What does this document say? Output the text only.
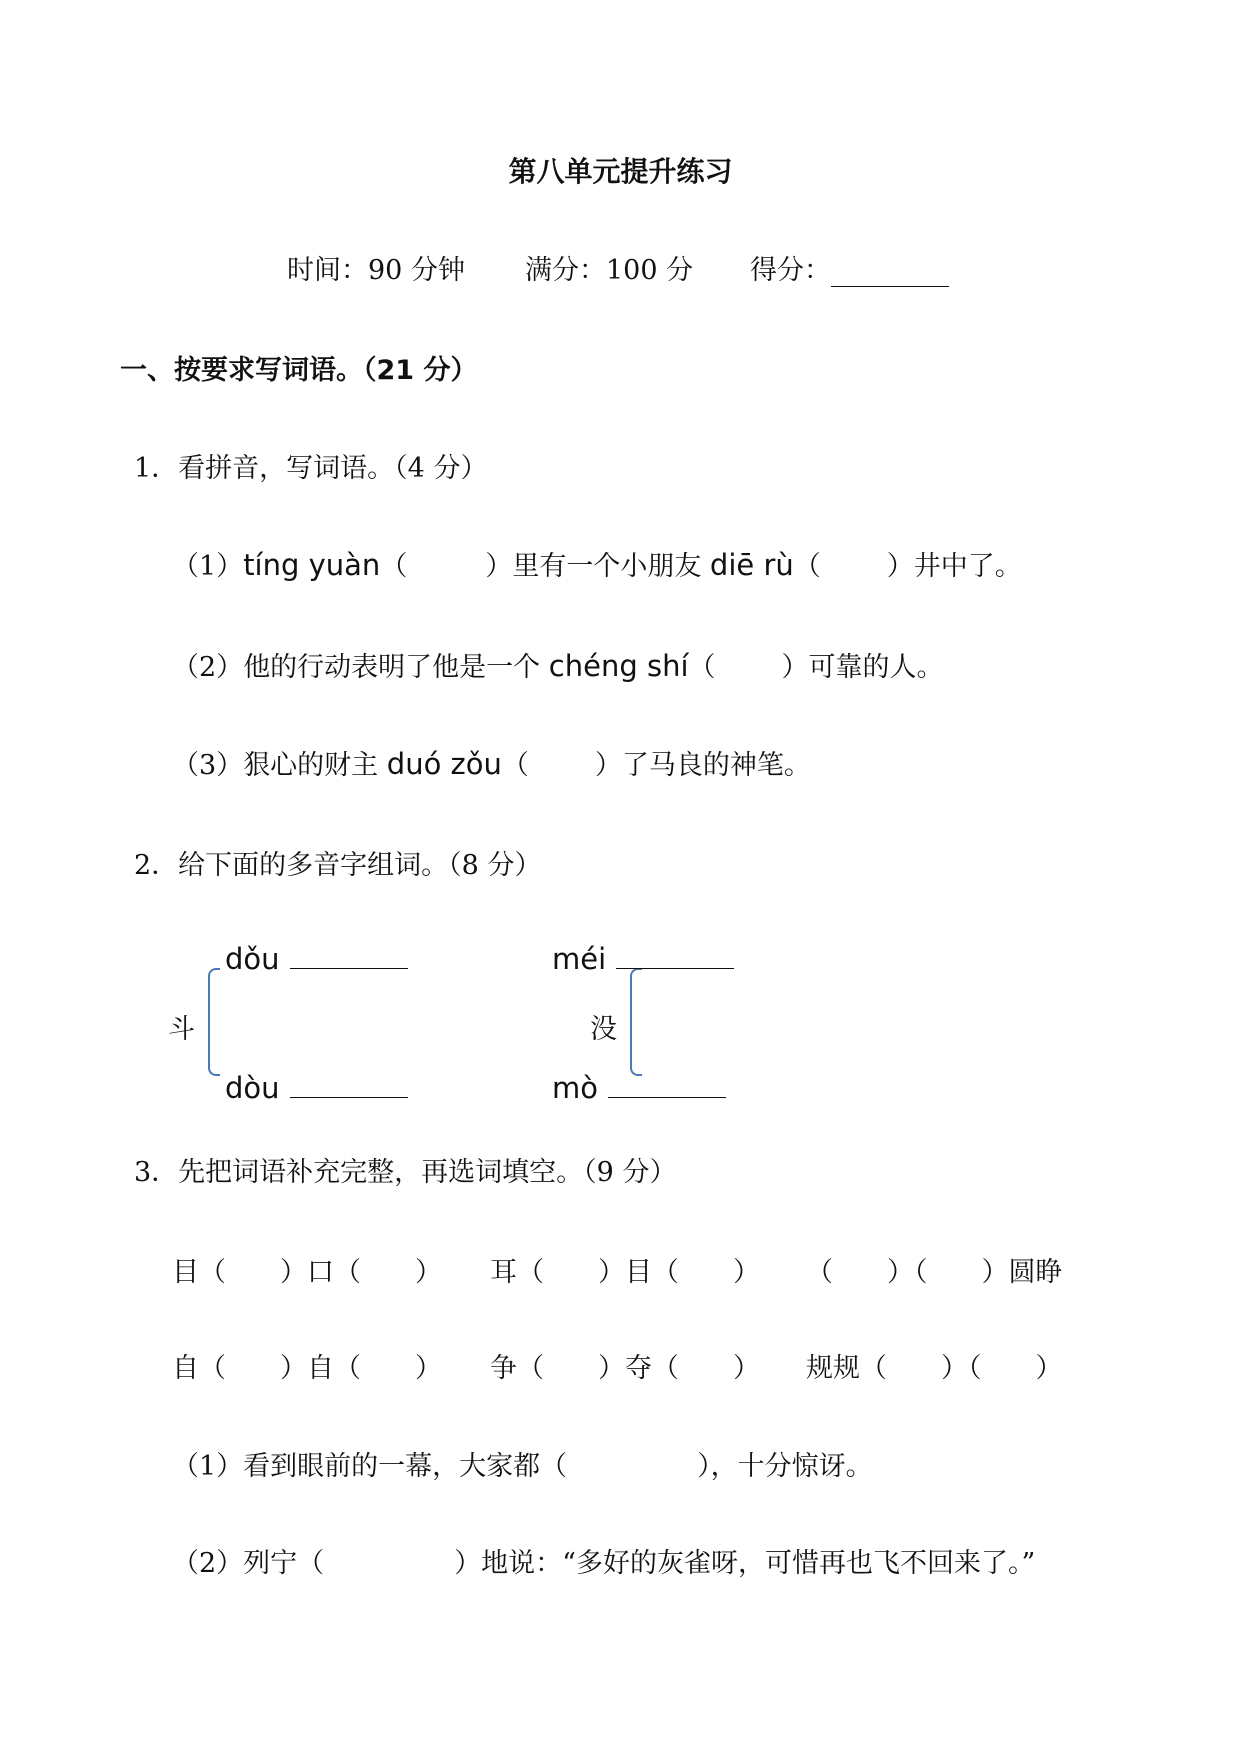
第八单元提升练习
时间：90 分钟 满分：100 分 得分：
一、按要求写词语。（21 分）
1．看拼音，写词语。（4 分）
（1）tíng yuàn（	）里有一个小朋友 diē rù（ ）井中了。
（2）他的行动表明了他是一个 chéng shí（ ）可靠的人。
（3）狠心的财主 duó zǒu（ ）了马良的神笔。
2．给下面的多音字组词。（8 分）
斗
dǒu
dòu
没
méi
mò
3．先把词语补充完整，再选词填空。（9 分）
目（　　）口（　　） 耳（　　）目（　　） （　　）（　　）圆睁
自（　　）自（　　） 争（　　）夺（　　） 规规（　　）（　　）
（1）看到眼前的一幕，大家都（	），十分惊讶。
（2）列宁（	）地说：“多好的灰雀呀，可惜再也飞不回来了。”
